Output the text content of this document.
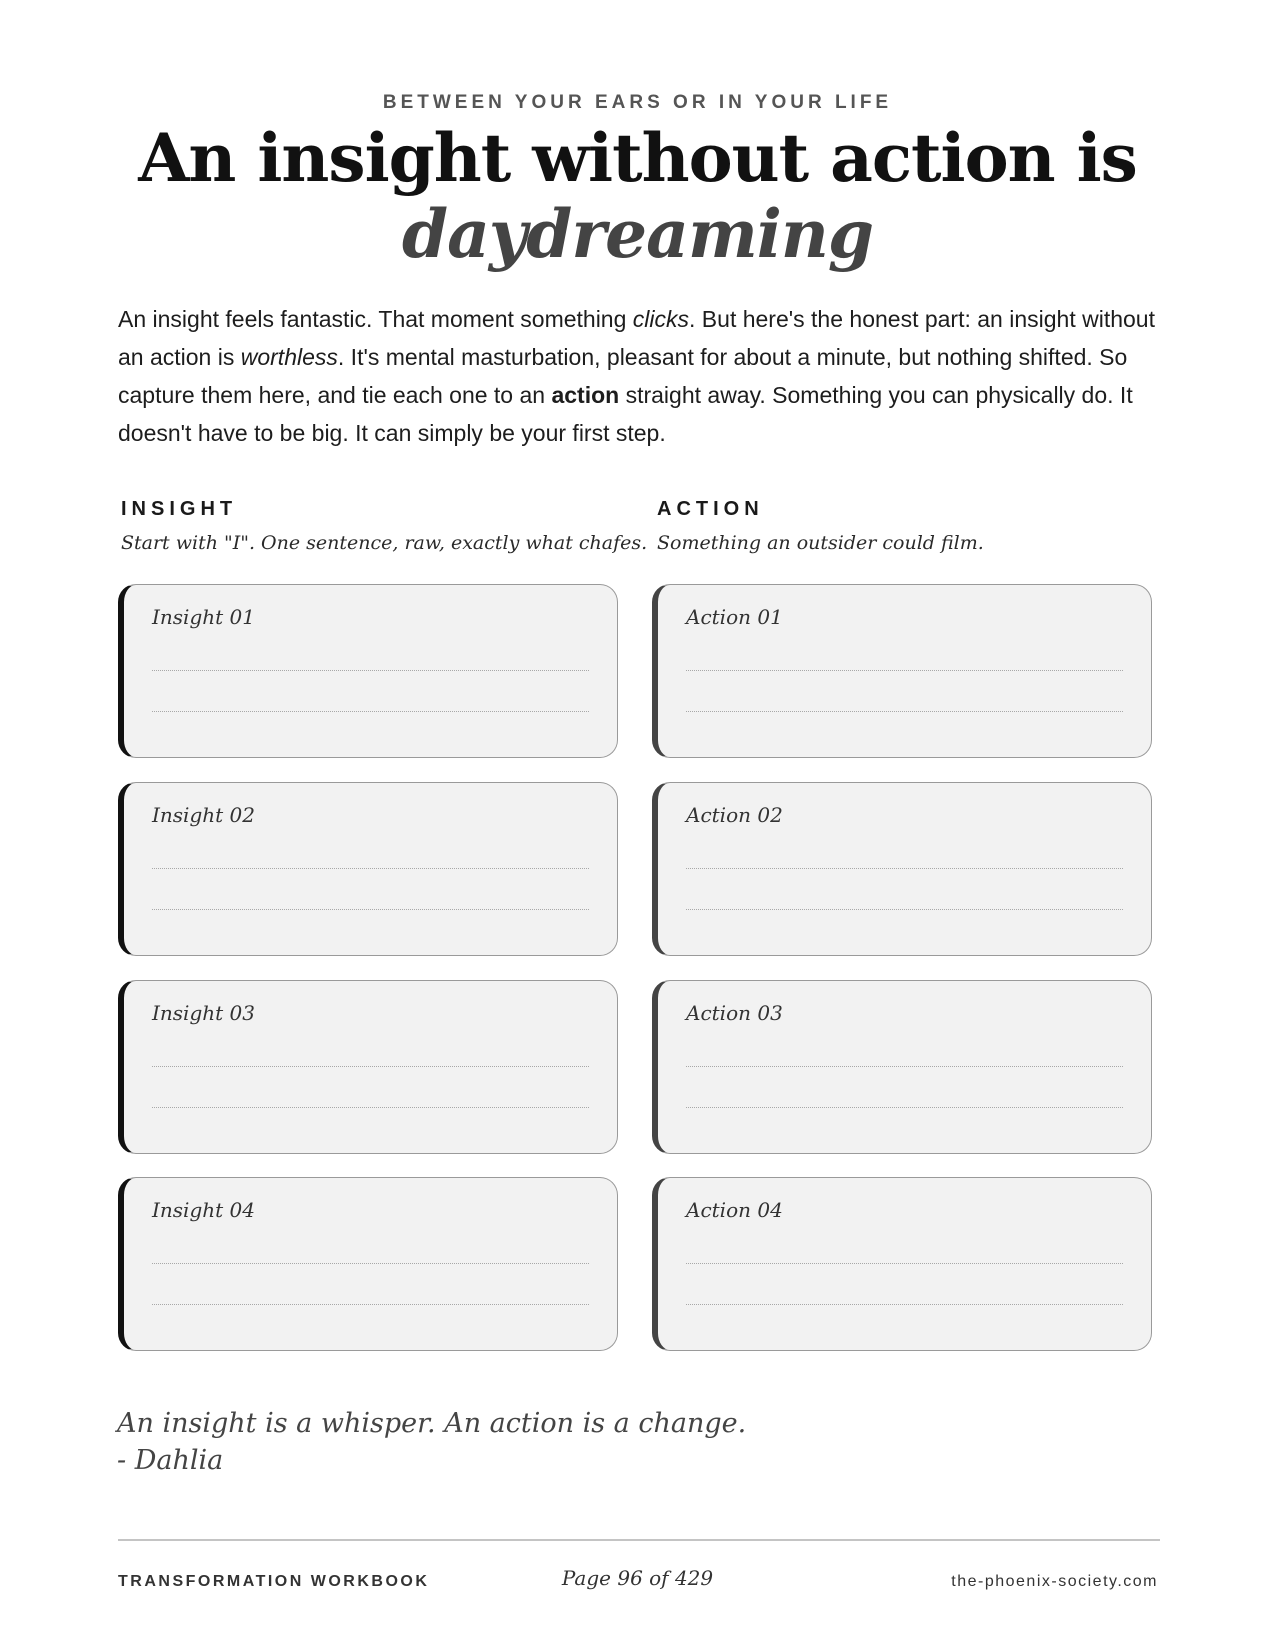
BETWEEN YOUR EARS OR IN YOUR LIFE
An insight without action is
daydreaming
An insight feels fantastic. That moment something clicks. But here's the honest part: an insight without an action is worthless. It's mental masturbation, pleasant for about a minute, but nothing shifted. So capture them here, and tie each one to an action straight away. Something you can physically do. It doesn't have to be big. It can simply be your first step.
INSIGHT
Start with "I". One sentence, raw, exactly what chafes.
ACTION
Something an outsider could film.
Insight 01
Insight 02
Insight 03
Insight 04
Action 01
Action 02
Action 03
Action 04
An insight is a whisper. An action is a change.
- Dahlia
TRANSFORMATION WORKBOOK	Page 96 of 429	the-phoenix-society.com
